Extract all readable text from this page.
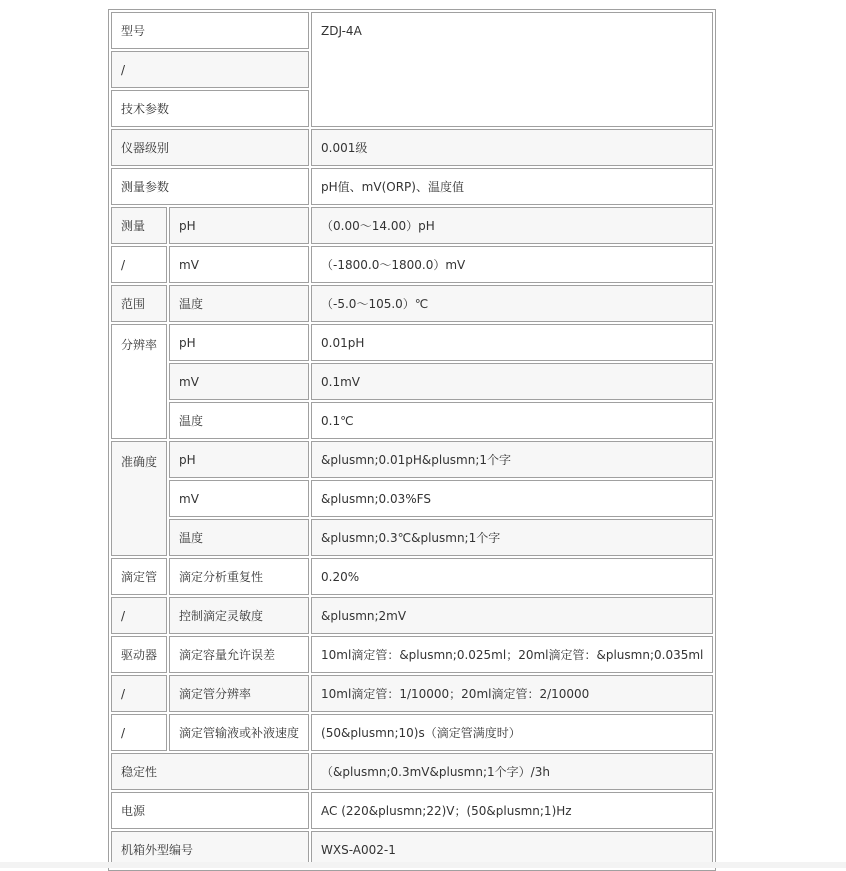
型号		ZDJ-4A
/		
技术参数		
仪器级别		0.001级
测量参数		pH值、mV(ORP)、温度值
测量	pH	（0.00～14.00）pH
/	mV	（-1800.0～1800.0）mV
范围	温度	（-5.0～105.0）℃
分辨率	pH	0.01pH
	mV	0.1mV
	温度	0.1℃
准确度	pH	&plusmn;0.01pH&plusmn;1个字
	mV	&plusmn;0.03%FS
	温度	&plusmn;0.3℃&plusmn;1个字
滴定管	滴定分析重复性	0.20%
/	控制滴定灵敏度	&plusmn;2mV
驱动器	滴定容量允许误差	10ml滴定管：&plusmn;0.025ml；20ml滴定管：&plusmn;0.035ml
/	滴定管分辨率	10ml滴定管：1/10000；20ml滴定管：2/10000
/	滴定管输液或补液速度	(50&plusmn;10)s（滴定管满度时）
稳定性		（&plusmn;0.3mV&plusmn;1个字）/3h
电源		AC (220&plusmn;22)V；(50&plusmn;1)Hz
机箱外型编号		WXS-A002-1
